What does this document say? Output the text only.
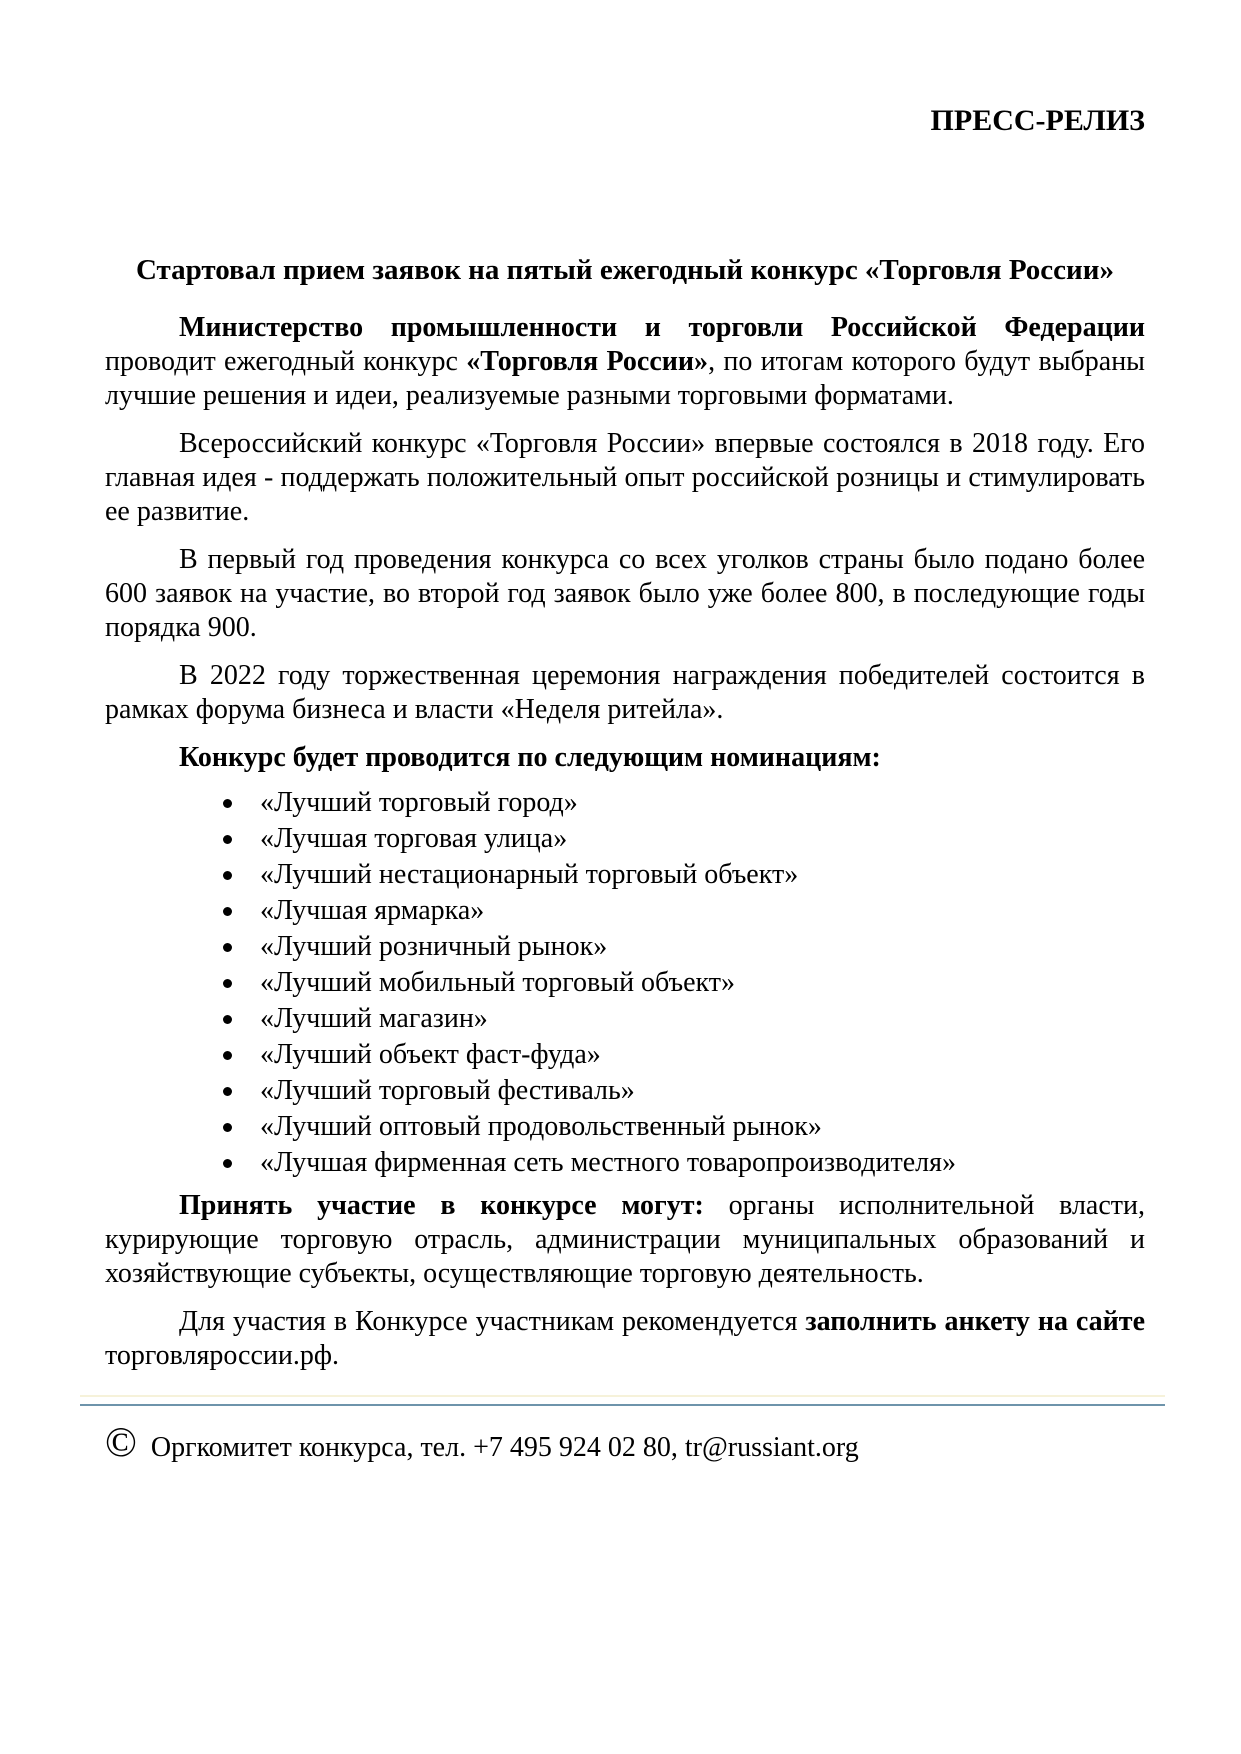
ПРЕСС-РЕЛИЗ
Стартовал прием заявок на пятый ежегодный конкурс «Торговля России»

Министерство промышленности и торговли Российской Федерации проводит ежегодный конкурс «Торговля России», по итогам которого будут выбраны лучшие решения и идеи, реализуемые разными торговыми форматами.

Всероссийский конкурс «Торговля России» впервые состоялся в 2018 году. Его главная идея - поддержать положительный опыт российской розницы и стимулировать ее развитие.

В первый год проведения конкурса со всех уголков страны было подано более 600 заявок на участие, во второй год заявок было уже более 800, в последующие годы порядка 900.

В 2022 году торжественная церемония награждения победителей состоится в рамках форума бизнеса и власти «Неделя ритейла».

Конкурс будет проводится по следующим номинациям:

«Лучший торговый город»
«Лучшая торговая улица»
«Лучший нестационарный торговый объект»
«Лучшая ярмарка»
«Лучший розничный рынок»
«Лучший мобильный торговый объект»
«Лучший магазин»
«Лучший объект фаст-фуда»
«Лучший торговый фестиваль»
«Лучший оптовый продовольственный рынок»
«Лучшая фирменная сеть местного товаропроизводителя»

Принять участие в конкурсе могут: органы исполнительной власти, курирующие торговую отрасль, администрации муниципальных образований и хозяйствующие субъекты, осуществляющие торговую деятельность.

Для участия в Конкурсе участникам рекомендуется заполнить анкету на сайте торговляроссии.рф.

© Оргкомитет конкурса, тел. +7 495 924 02 80, tr@russiant.org
